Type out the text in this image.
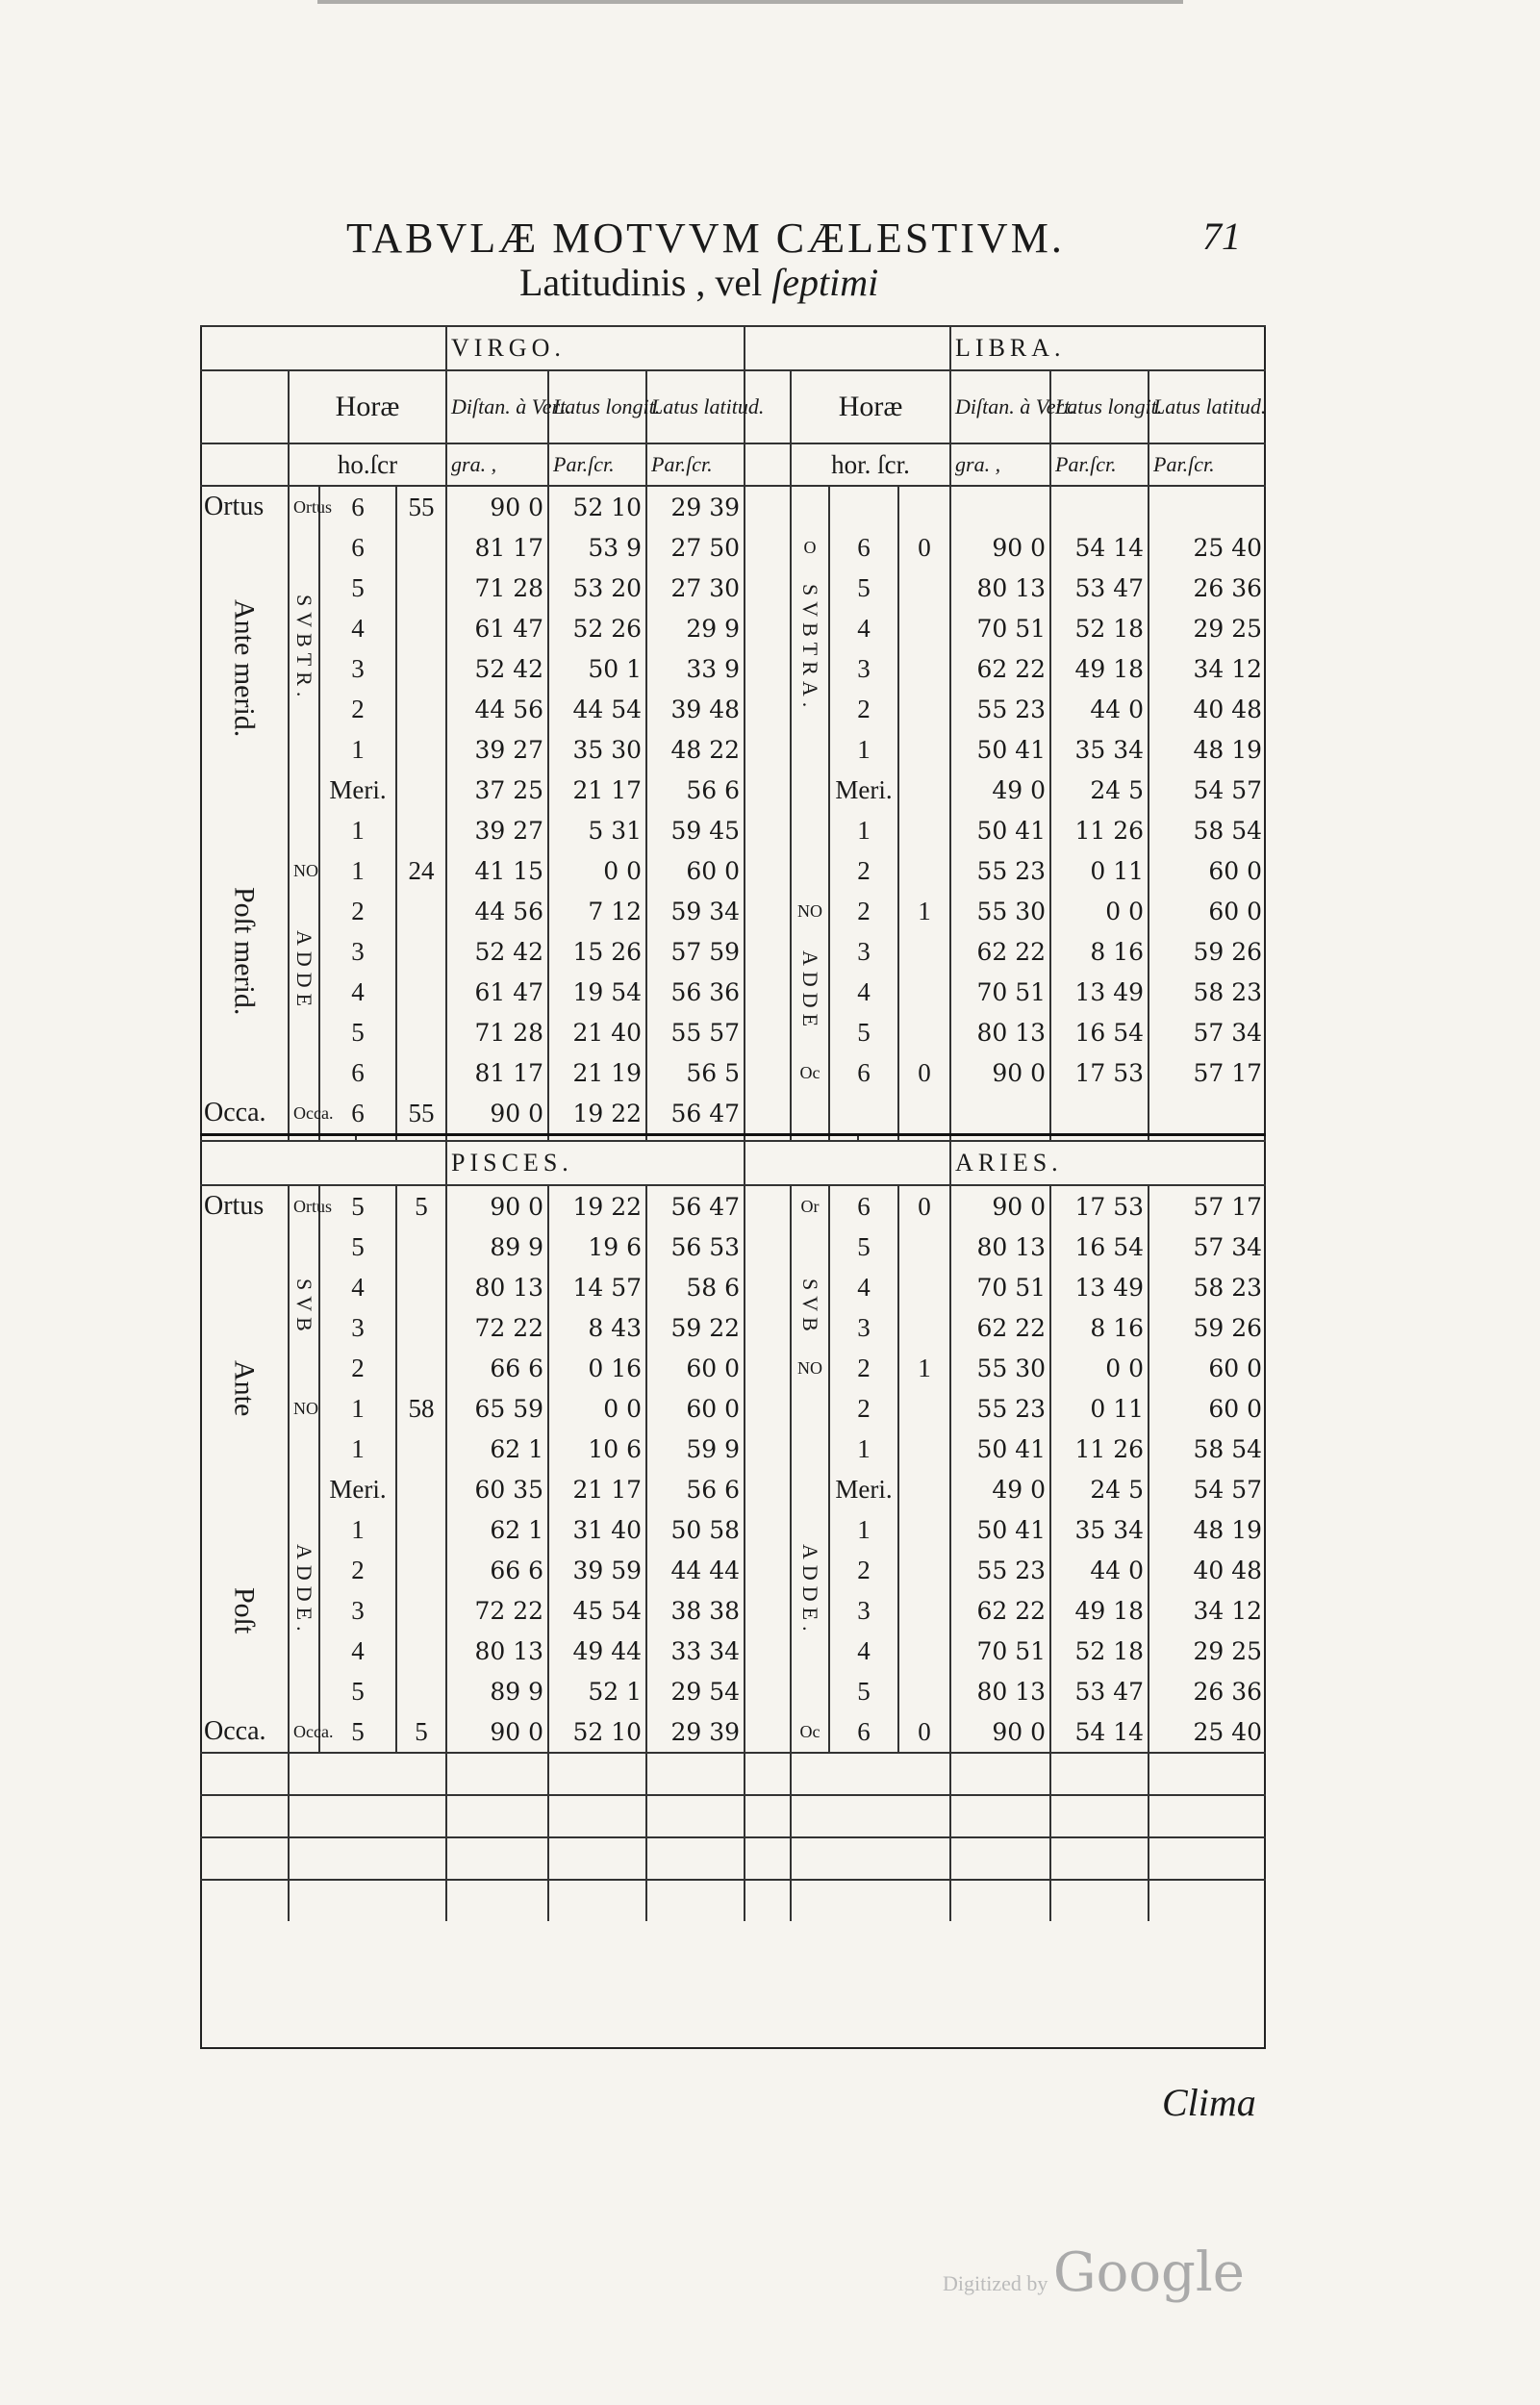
TABVLÆ MOTVVM CÆLESTIVM.	71
Latitudinis , vel ſeptimi
					VIRGO.								LIBRA.		
	Horæ				Diſtan. à Vert.	Latus longit.	Latus latitud.		Horæ				Diſtan. à Vert.	Latus longit.	Latus latitud.
	ho.ſcr				gra. ,	Par.ſcr.	Par.ſcr.		hor. ſcr.				gra. ,	Par.ſcr.	Par.ſcr.
Ortus	Ortus	6		55	90 0	52 10	29 39								
Ante merid.		6			81 17	53 9	27 50		O	6		0	90 0	54 14	25 40
	SVBTR.	5			71 28	53 20	27 30		SVBTRA.	5			80 13	53 47	26 36
		4			61 47	52 26	29 9			4			70 51	52 18	29 25
		3			52 42	50 1	33 9			3			62 22	49 18	34 12
		2			44 56	44 54	39 48			2			55 23	44 0	40 48
		1			39 27	35 30	48 22			1			50 41	35 34	48 19
		Meri.			37 25	21 17	56 6			Meri.			49 0	24 5	54 57
Poſt merid.		1			39 27	5 31	59 45			1			50 41	11 26	58 54
	NO	1		24	41 15	0 0	60 0			2			55 23	0 11	60 0
	ADDE	2			44 56	7 12	59 34		NO	2		1	55 30	0 0	60 0
		3			52 42	15 26	57 59		ADDE	3			62 22	8 16	59 26
		4			61 47	19 54	56 36			4			70 51	13 49	58 23
		5			71 28	21 40	55 57			5			80 13	16 54	57 34
		6			81 17	21 19	56 5		Oc	6		0	90 0	17 53	57 17
Occa.	Occa.	6		55	90 0	19 22	56 47								

					PISCES.								ARIES.		
Ortus	Ortus	5		5	90 0	19 22	56 47		Or	6		0	90 0	17 53	57 17
		5			89 9	19 6	56 53			5			80 13	16 54	57 34
Ante	SVB	4			80 13	14 57	58 6		SVB	4			70 51	13 49	58 23
		3			72 22	8 43	59 22			3			62 22	8 16	59 26
		2			66 6	0 16	60 0		NO	2		1	55 30	0 0	60 0
	NO	1		58	65 59	0 0	60 0			2			55 23	0 11	60 0
		1			62 1	10 6	59 9			1			50 41	11 26	58 54
		Meri.			60 35	21 17	56 6			Meri.			49 0	24 5	54 57
Poſt	ADDE.	1			62 1	31 40	50 58		ADDE.	1			50 41	35 34	48 19
		2			66 6	39 59	44 44			2			55 23	44 0	40 48
		3			72 22	45 54	38 38			3			62 22	49 18	34 12
		4			80 13	49 44	33 34			4			70 51	52 18	29 25
		5			89 9	52 1	29 54			5			80 13	53 47	26 36
Occa.	Occa.	5		5	90 0	52 10	29 39		Oc	6		0	90 0	54 14	25 40

Clima
Digitized by Google
